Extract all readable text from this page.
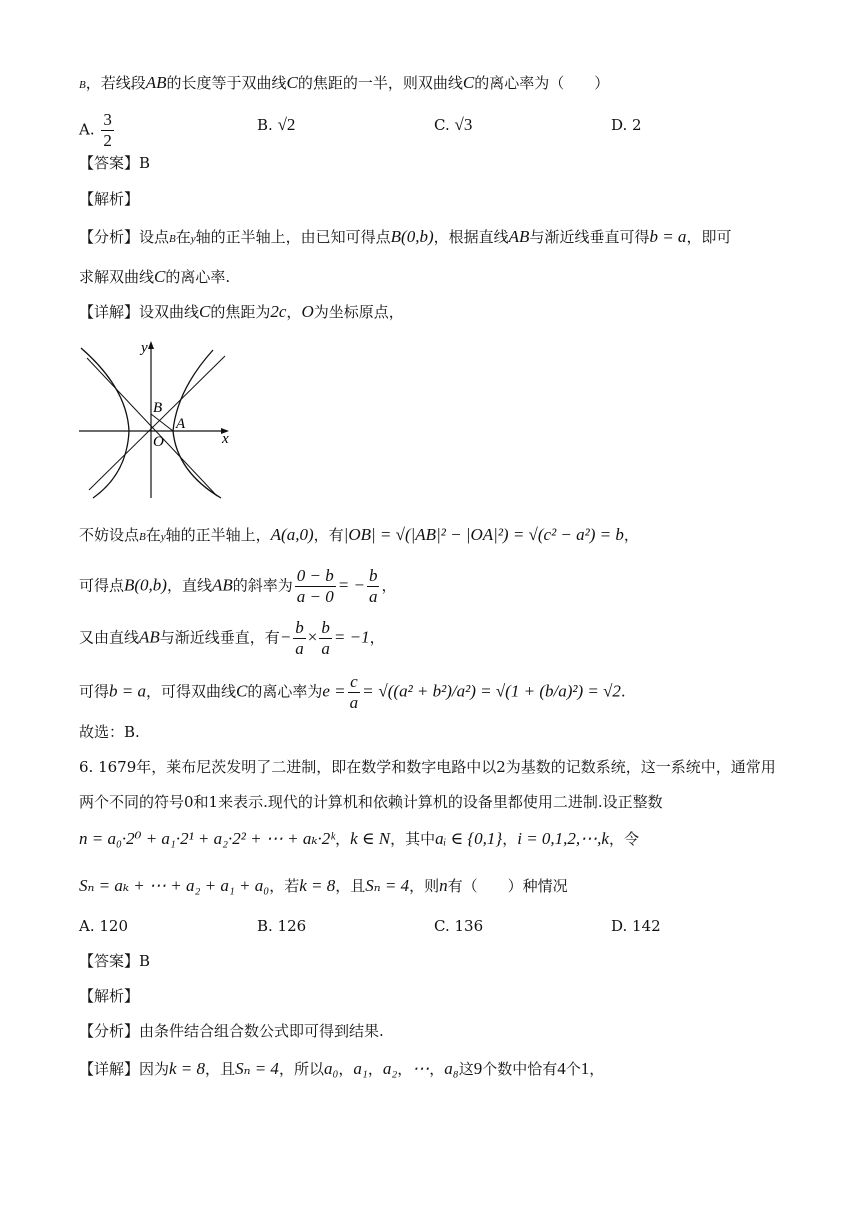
B，若线段AB的长度等于双曲线C的焦距的一半，则双曲线C的离心率为（　　）
A. $\frac{3}{2}$	B. √2	C. √3	D. 2
【答案】B
【解析】
【分析】设点B在y轴的正半轴上，由已知可得点B(0,b)，根据直线AB与渐近线垂直可得b = a，即可
求解双曲线C的离心率.
【详解】设双曲线C的焦距为2c，O为坐标原点，
y
x
B
A
O
不妨设点B在y轴的正半轴上，A(a,0)，有|OB| = √(|AB|² − |OA|²) = √(c² − a²) = b，
可得点B(0,b)，直线AB的斜率为 $\frac{0 - b}{a - 0}$ = − $\frac{b}{a}$ ，
又由直线AB与渐近线垂直，有− $\frac{b}{a} \times \frac{b}{a} = -1$，
可得b = a，可得双曲线C的离心率为$e = \frac{c}{a} = √((a^2 + b^2)/a^2) = √(1 + (b/a)^2) = √2$.
故选：B.
6. 1679年，莱布尼茨发明了二进制，即在数学和数字电路中以2为基数的记数系统，这一系统中，通常用
两个不同的符号0和1来表示.现代的计算机和依赖计算机的设备里都使用二进制.设正整数
n = a₀·2⁰ + a₁·2¹ + a₂·2² + ⋯ + aₖ·2ᵏ，k ∈ N，其中aᵢ ∈ {0,1}，i = 0,1,2,⋯,k，令
Sₙ = aₖ + ⋯ + a₂ + a₁ + a₀，若k = 8，且Sₙ = 4，则n有（　　）种情况
A. 120	B. 126	C. 136	D. 142
【答案】B
【解析】
【分析】由条件结合组合数公式即可得到结果.
【详解】因为k = 8，且Sₙ = 4，所以a₀，a₁，a₂，⋯，a₈这9个数中恰有4个1，
